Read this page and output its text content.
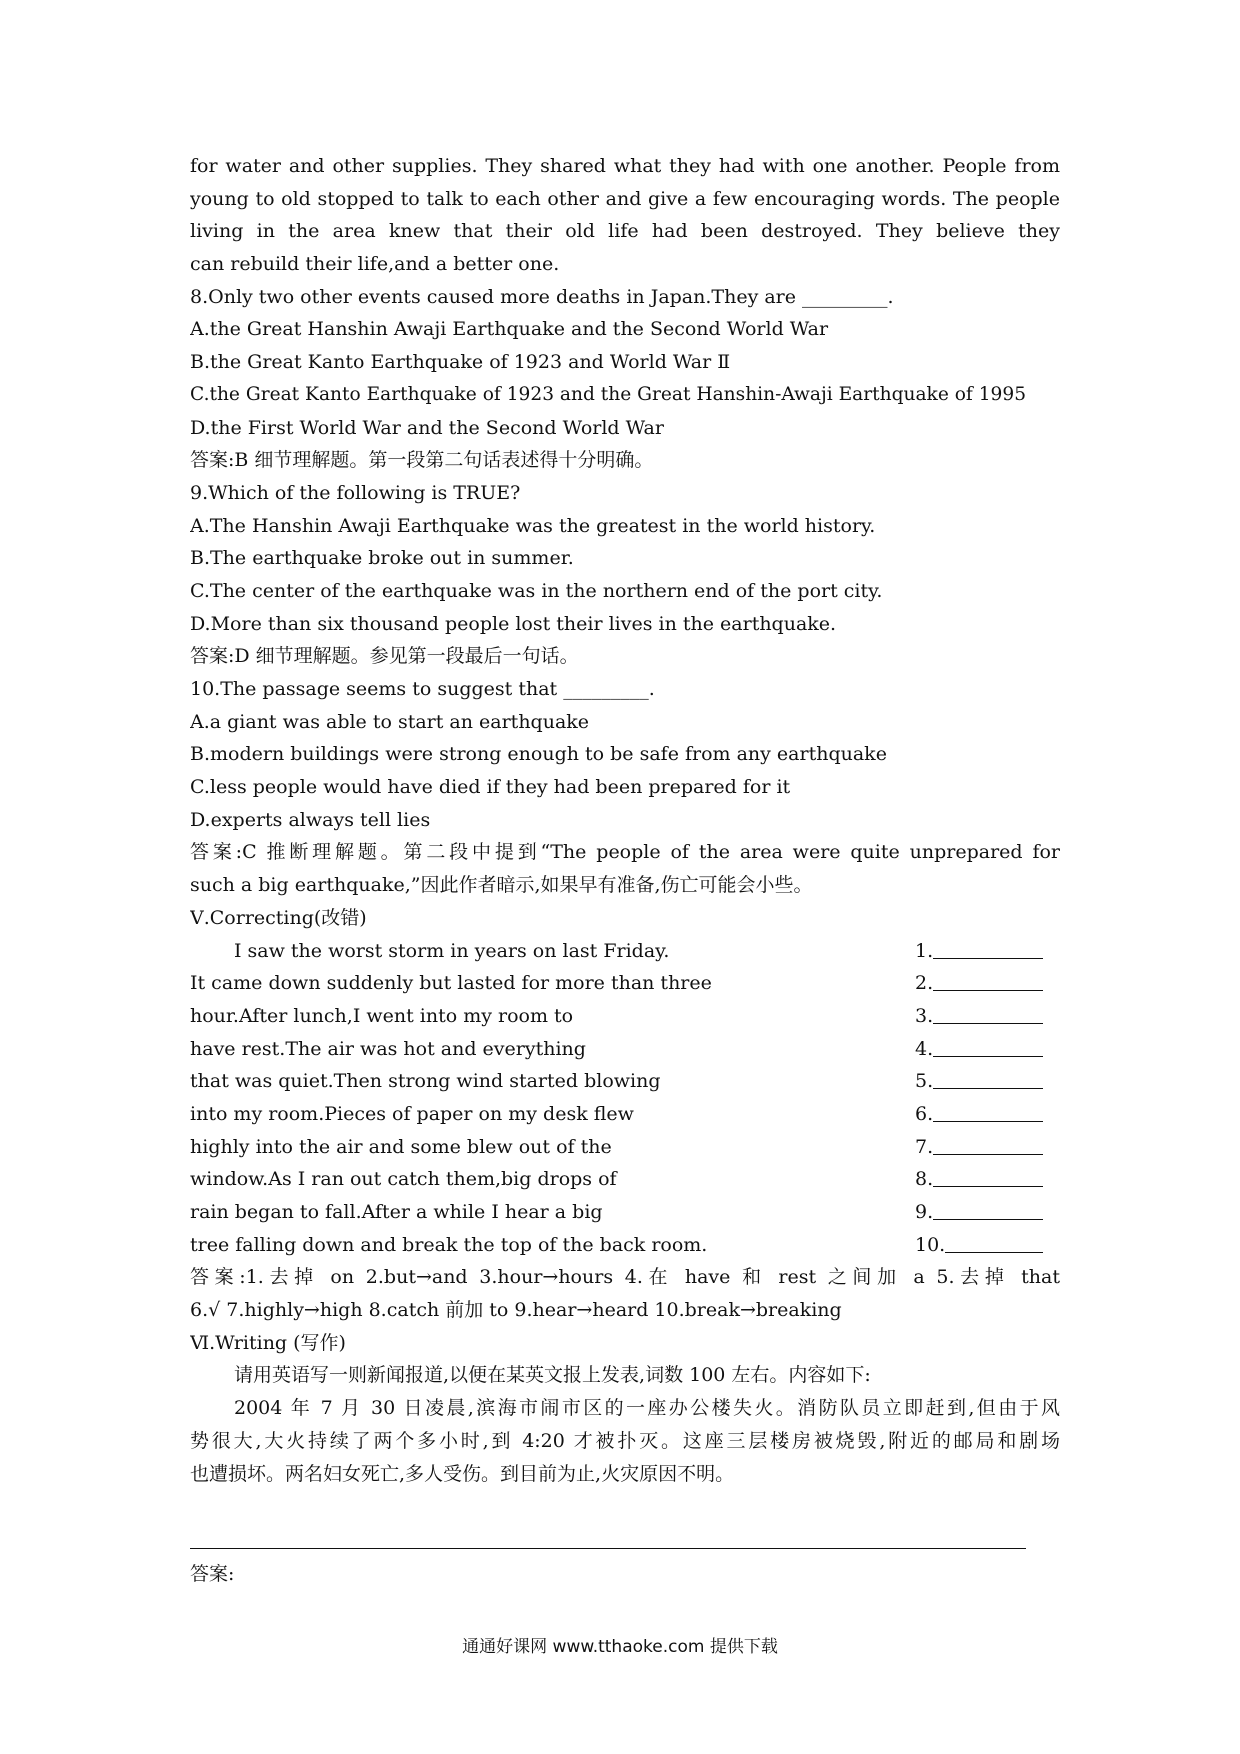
for water and other supplies. They shared what they had with one another. People from
young to old stopped to talk to each other and give a few encouraging words. The people
living in the area knew that their old life had been destroyed. They believe they
can rebuild their life,and a better one.
8.Only two other events caused more deaths in Japan.They are _________.
A.the Great Hanshin Awaji Earthquake and the Second World War
B.the Great Kanto Earthquake of 1923 and World War Ⅱ
C.the Great Kanto Earthquake of 1923 and the Great Hanshin-Awaji Earthquake of 1995
D.the First World War and the Second World War
答案:B 细节理解题。第一段第二句话表述得十分明确。
9.Which of the following is TRUE?
A.The Hanshin Awaji Earthquake was the greatest in the world history.
B.The earthquake broke out in summer.
C.The center of the earthquake was in the northern end of the port city.
D.More than six thousand people lost their lives in the earthquake.
答案:D 细节理解题。参见第一段最后一句话。
10.The passage seems to suggest that _________.
A.a giant was able to start an earthquake
B.modern buildings were strong enough to be safe from any earthquake
C.less people would have died if they had been prepared for it
D.experts always tell lies
答案:C 推断理解题。第二段中提到“The people of the area were quite unprepared for
such a big earthquake,”因此作者暗示,如果早有准备,伤亡可能会小些。
Ⅴ.Correcting(改错)
I saw the worst storm in years on last Friday.	1.
It came down suddenly but lasted for more than three	2.
hour.After lunch,I went into my room to	3.
have rest.The air was hot and everything	4.
that was quiet.Then strong wind started blowing	5.
into my room.Pieces of paper on my desk flew	6.
highly into the air and some blew out of the	7.
window.As I ran out catch them,big drops of	8.
rain began to fall.After a while I hear a big	9.
tree falling down and break the top of the back room.	10.
答案:1.去掉 on 2.but→and 3.hour→hours 4.在 have 和 rest 之间加 a 5.去掉 that
6.√ 7.highly→high 8.catch 前加 to 9.hear→heard 10.break→breaking
Ⅵ.Writing (写作)
请用英语写一则新闻报道,以便在某英文报上发表,词数 100 左右。内容如下:
2004 年 7 月 30 日凌晨,滨海市闹市区的一座办公楼失火。消防队员立即赶到,但由于风
势很大,大火持续了两个多小时,到 4:20 才被扑灭。这座三层楼房被烧毁,附近的邮局和剧场
也遭损坏。两名妇女死亡,多人受伤。到目前为止,火灾原因不明。
答案:
通通好课网 www.tthaoke.com 提供下载
